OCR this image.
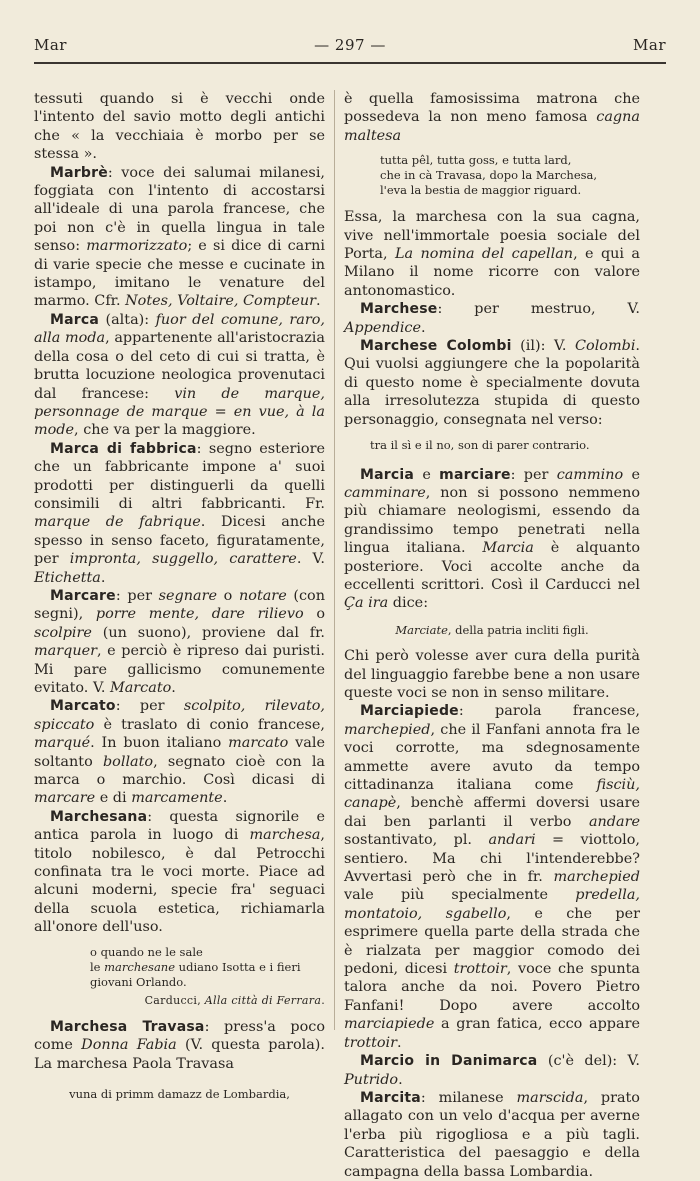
Mar	— 297 —	Mar

tessuti quando si è vecchi onde l'intento del savio motto degli antichi che « la vecchiaia è morbo per se stessa ».

Marbrè: voce dei salumai milanesi, foggiata con l'intento di accostarsi all'ideale di una parola francese, che poi non c'è in quella lingua in tale senso: marmorizzato; e si dice di carni di varie specie che messe e cucinate in istampo, imitano le venature del marmo. Cfr. Notes, Voltaire, Compteur.

Marca (alta): fuor del comune, raro, alla moda, appartenente all'aristocrazia della cosa o del ceto di cui si tratta, è brutta locuzione neologica provenutaci dal francese: vin de marque, personnage de marque = en vue, à la mode, che va per la maggiore.

Marca di fabbrica: segno esteriore che un fabbricante impone a' suoi prodotti per distinguerli da quelli consimili di altri fabbricanti. Fr. marque de fabrique. Dicesi anche spesso in senso faceto, figuratamente, per impronta, suggello, carattere. V. Etichetta.

Marcare: per segnare o notare (con segni), porre mente, dare rilievo o scolpire (un suono), proviene dal fr. marquer, e perciò è ripreso dai puristi. Mi pare gallicismo comunemente evitato. V. Marcato.

Marcato: per scolpito, rilevato, spiccato è traslato di conio francese, marqué. In buon italiano marcato vale soltanto bollato, segnato cioè con la marca o marchio. Così dicasi di marcare e di marcamente.

Marchesana: questa signorile e antica parola in luogo di marchesa, titolo nobilesco, è dal Petrocchi confinata tra le voci morte. Piace ad alcuni moderni, specie fra' seguaci della scuola estetica, richiamarla all'onore dell'uso.

o quando ne le sale
le marchesane udiano Isotta e i fieri
giovani Orlando.
Carducci, Alla città di Ferrara.

Marchesa Travasa: press'a poco come Donna Fabia (V. questa parola). La marchesa Paola Travasa

vuna di primm damazz de Lombardia,

è quella famosissima matrona che possedeva la non meno famosa cagna maltesa

tutta pêl, tutta goss, e tutta lard,
che in cà Travasa, dopo la Marchesa,
l'eva la bestia de maggior riguard.

Essa, la marchesa con la sua cagna, vive nell'immortale poesia sociale del Porta, La nomina del capellan, e qui a Milano il nome ricorre con valore antonomastico.

Marchese: per mestruo, V. Appendice.

Marchese Colombi (il): V. Colombi. Qui vuolsi aggiungere che la popolarità di questo nome è specialmente dovuta alla irresolutezza stupida di questo personaggio, consegnata nel verso:

tra il sì e il no, son di parer contrario.

Marcia e marciare: per cammino e camminare, non si possono nemmeno più chiamare neologismi, essendo da grandissimo tempo penetrati nella lingua italiana. Marcia è alquanto posteriore. Voci accolte anche da eccellenti scrittori. Così il Carducci nel Ça ira dice:

Marciate, della patria incliti figli.

Chi però volesse aver cura della purità del linguaggio farebbe bene a non usare queste voci se non in senso militare.

Marciapiede: parola francese, marchepied, che il Fanfani annota fra le voci corrotte, ma sdegnosamente ammette avere avuto da tempo cittadinanza italiana come fisciù, canapè, benchè affermi doversi usare dai ben parlanti il verbo andare sostantivato, pl. andari = viottolo, sentiero. Ma chi l'intenderebbe? Avvertasi però che in fr. marchepied vale più specialmente predella, montatoio, sgabello, e che per esprimere quella parte della strada che è rialzata per maggior comodo dei pedoni, dicesi trottoir, voce che spunta talora anche da noi. Povero Pietro Fanfani! Dopo avere accolto marciapiede a gran fatica, ecco appare trottoir.

Marcio in Danimarca (c'è del): V. Putrido.

Marcita: milanese marscida, prato allagato con un velo d'acqua per averne l'erba più rigogliosa e a più tagli. Caratteristica del paesaggio e della campagna della bassa Lombardia.
